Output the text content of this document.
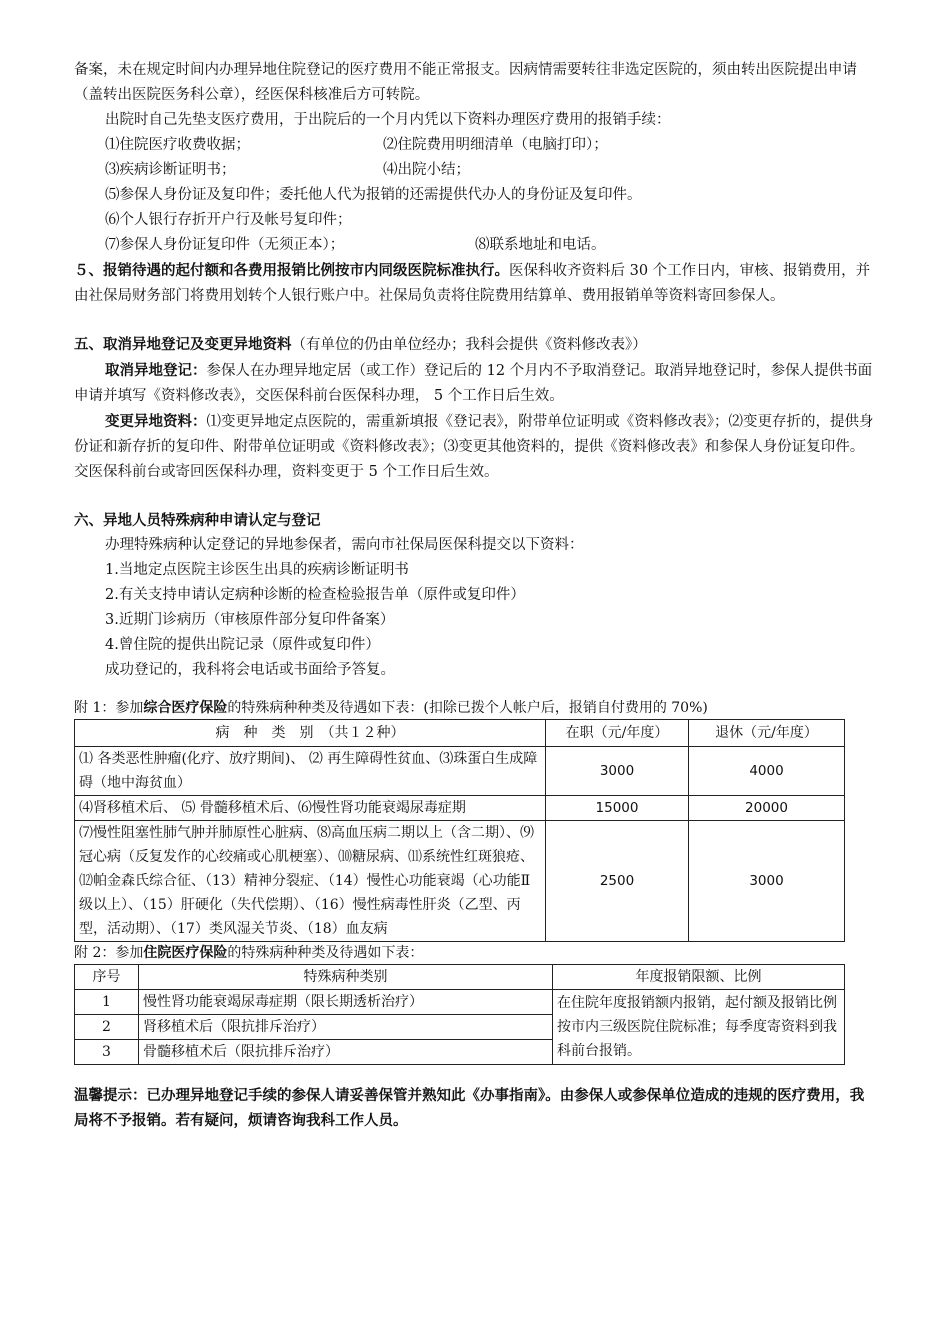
备案，未在规定时间内办理异地住院登记的医疗费用不能正常报支。因病情需要转往非选定医院的，须由转出医院提出申请（盖转出医院医务科公章），经医保科核准后方可转院。

出院时自己先垫支医疗费用，于出院后的一个月内凭以下资料办理医疗费用的报销手续：

⑴住院医疗收费收据；	⑵住院费用明细清单（电脑打印）；
⑶疾病诊断证明书；	⑷出院小结；

⑸参保人身份证及复印件；委托他人代为报销的还需提供代办人的身份证及复印件。

⑹个人银行存折开户行及帐号复印件；

⑺参保人身份证复印件（无须正本）；	⑻联系地址和电话。

５、报销待遇的起付额和各费用报销比例按市内同级医院标准执行。医保科收齐资料后 30 个工作日内，审核、报销费用，并由社保局财务部门将费用划转个人银行账户中。社保局负责将住院费用结算单、费用报销单等资料寄回参保人。

五、取消异地登记及变更异地资料（有单位的仍由单位经办；我科会提供《资料修改表》）

取消异地登记：参保人在办理异地定居（或工作）登记后的 12 个月内不予取消登记。取消异地登记时，参保人提供书面申请并填写《资料修改表》，交医保科前台医保科办理， 5 个工作日后生效。

变更异地资料：⑴变更异地定点医院的，需重新填报《登记表》，附带单位证明或《资料修改表》；⑵变更存折的，提供身份证和新存折的复印件、附带单位证明或《资料修改表》；⑶变更其他资料的，提供《资料修改表》和参保人身份证复印件。交医保科前台或寄回医保科办理，资料变更于 5 个工作日后生效。

六、异地人员特殊病种申请认定与登记

办理特殊病种认定登记的异地参保者，需向市社保局医保科提交以下资料：

1.当地定点医院主诊医生出具的疾病诊断证明书

2.有关支持申请认定病种诊断的检查检验报告单（原件或复印件）

3.近期门诊病历（审核原件部分复印件备案）

4.曾住院的提供出院记录（原件或复印件）

成功登记的，我科将会电话或书面给予答复。

附 1：参加综合医疗保险的特殊病种种类及待遇如下表：(扣除已拨个人帐户后，报销自付费用的 70%)

病　种　类　别　（共１２种）	在职（元/年度）	退休（元/年度）
⑴ 各类恶性肿瘤(化疗、放疗期间)、 ⑵ 再生障碍性贫血、⑶珠蛋白生成障碍（地中海贫血）	3000	4000
⑷肾移植术后、 ⑸ 骨髓移植术后、⑹慢性肾功能衰竭尿毒症期	15000	20000
⑺慢性阻塞性肺气肿并肺原性心脏病、⑻高血压病二期以上（含二期）、⑼冠心病（反复发作的心绞痛或心肌梗塞）、⑽糖尿病、⑾系统性红斑狼疮、⑿帕金森氏综合征、（13）精神分裂症、（14）慢性心功能衰竭（心功能Ⅱ级以上）、（15）肝硬化（失代偿期）、（16）慢性病毒性肝炎（乙型、丙型，活动期）、（17）类风湿关节炎、（18）血友病	2500	3000

附 2：参加住院医疗保险的特殊病种种类及待遇如下表：

序号	特殊病种类别	年度报销限额、比例
1	慢性肾功能衰竭尿毒症期（限长期透析治疗）	在住院年度报销额内报销，起付额及报销比例按市内三级医院住院标准；每季度寄资料到我科前台报销。
2	肾移植术后（限抗排斥治疗）	
3	骨髓移植术后（限抗排斥治疗）	

温馨提示：已办理异地登记手续的参保人请妥善保管并熟知此《办事指南》。由参保人或参保单位造成的违规的医疗费用，我局将不予报销。若有疑问，烦请咨询我科工作人员。
